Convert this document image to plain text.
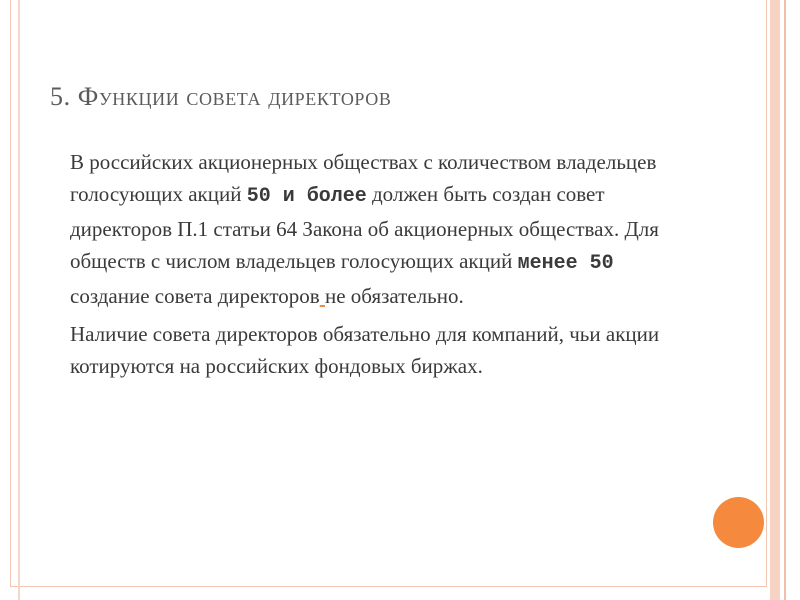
5. Функции совета директоров
В российских акционерных обществах с количеством владельцев голосующих акций 50 и более должен быть создан совет директоров П.1 статьи 64 Закона об акционерных обществах. Для обществ с числом владельцев голосующих акций менее 50 создание совета директоров не обязательно.
Наличие совета директоров обязательно для компаний, чьи акции котируются на российских фондовых биржах.
